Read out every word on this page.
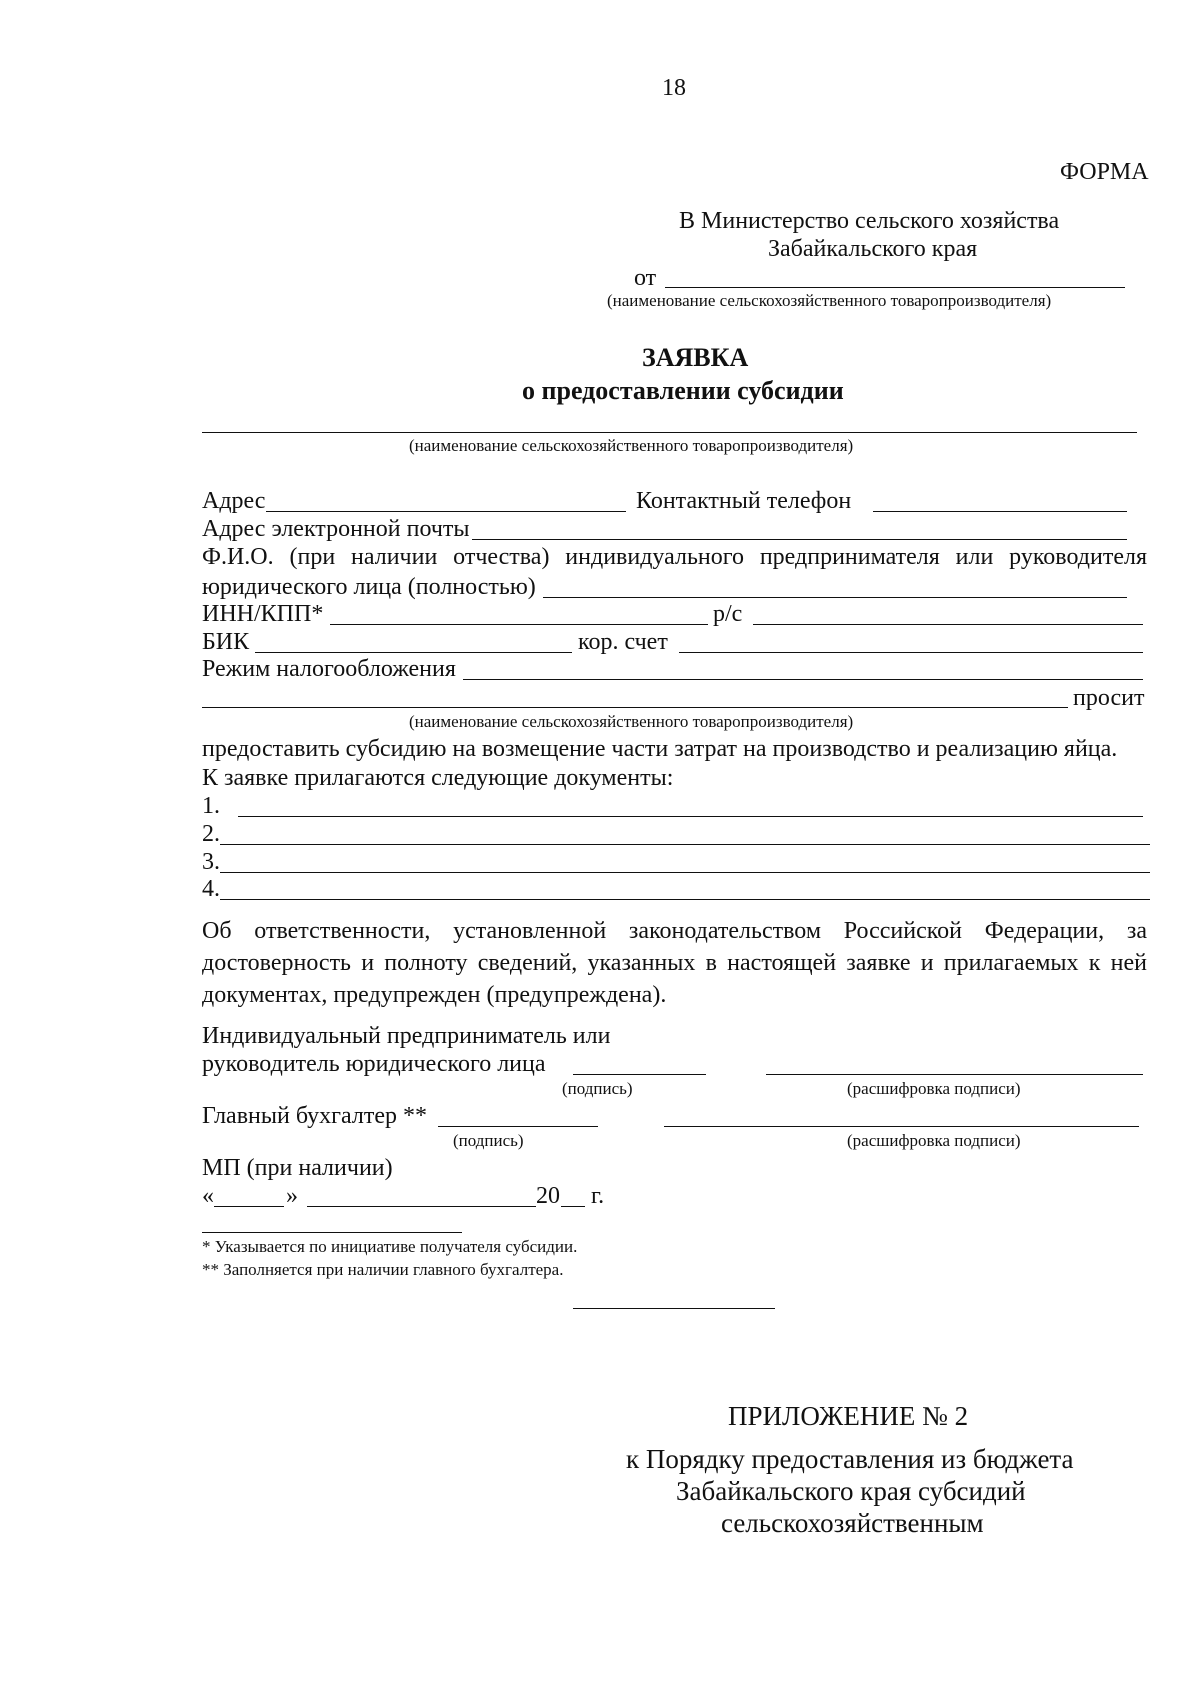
18
ФОРМА
В Министерство сельского хозяйства
Забайкальского края
от
(наименование сельскохозяйственного товаропроизводителя)
ЗАЯВКА
о предоставлении субсидии
(наименование сельскохозяйственного товаропроизводителя)
Адрес	Контактный телефон
Адрес электронной почты
Ф.И.О. (при наличии отчества) индивидуального предпринимателя или руководителя
юридического лица (полностью)
ИНН/КПП*	р/с
БИК	кор. счет
Режим налогообложения
просит
(наименование сельскохозяйственного товаропроизводителя)
предоставить субсидию на возмещение части затрат на производство и реализацию яйца.
К заявке прилагаются следующие документы:
1.
2.
3.
4.
Об ответственности, установленной законодательством Российской Федерации, за достоверность и полноту сведений, указанных в настоящей заявке и прилагаемых к ней документах, предупрежден (предупреждена).
Индивидуальный предприниматель или
руководитель юридического лица
(подпись)	(расшифровка подписи)
Главный бухгалтер **
(подпись)	(расшифровка подписи)
МП (при наличии)
«	»	20 г.
* Указывается по инициативе получателя субсидии.
** Заполняется при наличии главного бухгалтера.
ПРИЛОЖЕНИЕ № 2
к Порядку предоставления из бюджета
Забайкальского края субсидий
сельскохозяйственным
